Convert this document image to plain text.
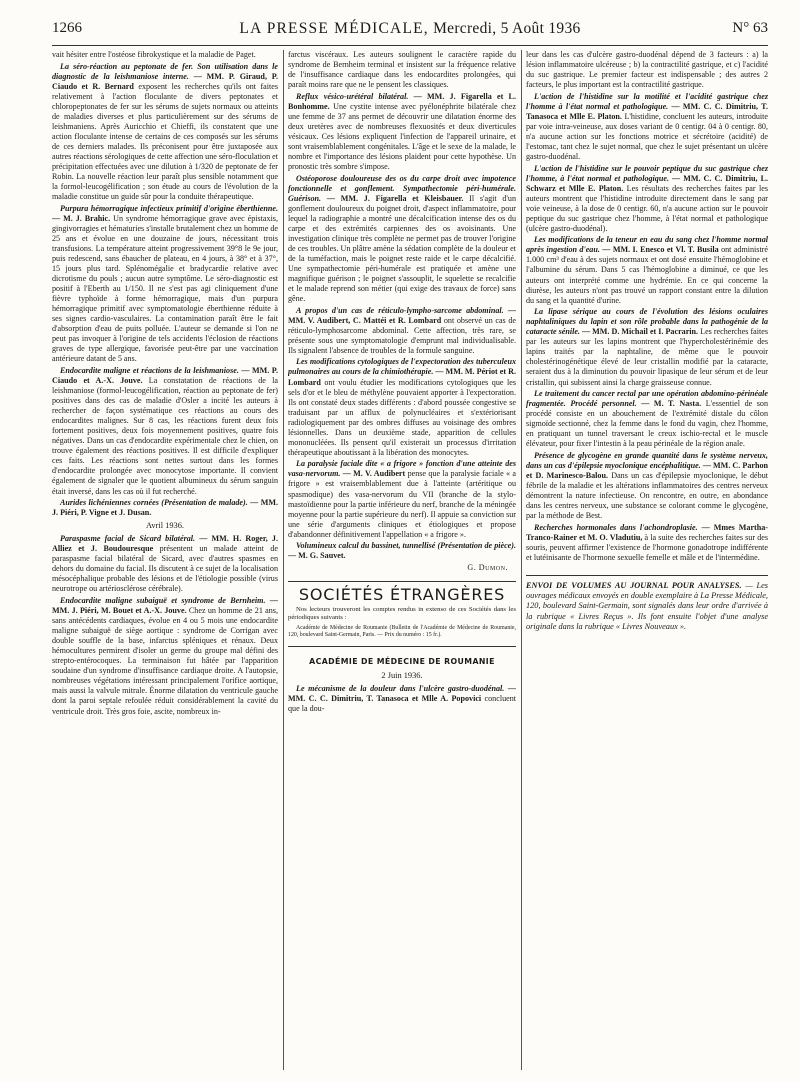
1266	LA PRESSE MÉDICALE, Mercredi, 5 Août 1936	N° 63

vait hésiter entre l'ostéose fibrokystique et la maladie de Paget.

La séro-réaction au peptonate de fer. Son utilisation dans le diagnostic de la leishmaniose interne. — MM. P. Giraud, P. Ciaudo et R. Bernard exposent les recherches qu'ils ont faites relativement à l'action floculante de divers peptonates et chloropeptonates de fer sur les sérums de sujets normaux ou atteints de maladies diverses et plus particulièrement sur des sérums de leishmaniens. Après Auricchio et Chieffi, ils constatent que une action floculante intense de certains de ces composés sur les sérums de ces derniers malades. Ils préconisent pour être juxtaposée aux autres réactions sérologiques de cette affection une séro-floculation et précipitation effectuées avec une dilution à 1/320 de peptonate de fer Robin. La nouvelle réaction leur paraît plus sensible notamment que la formol-leucogélification ; son étude au cours de l'évolution de la maladie constitue un guide sûr pour la conduite thérapeutique.

Purpura hémorragique infectieux primitif d'origine éberthienne. — M. J. Brahic. Un syndrome hémorragique grave avec épistaxis, gingivorragies et hématuries s'installe brutalement chez un homme de 25 ans et évolue en une douzaine de jours, nécessitant trois transfusions. La température atteint progressivement 39°8 le 9e jour, puis redescend, sans ébaucher de plateau, en 4 jours, à 38° et à 37°, 15 jours plus tard. Splénomégalie et bradycardie relative avec dicrotisme du pouls ; aucun autre symptôme. Le séro-diagnostic est positif à l'Eberth au 1/150. Il ne s'est pas agi cliniquement d'une fièvre typhoïde à forme hémorragique, mais d'un purpura hémorragique primitif avec symptomatologie éberthienne réduite à ses signes cardio-vasculaires. La contamination paraît être le fait d'absorption d'eau de puits polluée. L'auteur se demande si l'on ne peut pas invoquer à l'origine de tels accidents l'éclosion de réactions graves de type allergique, favorisée peut-être par une vaccination antérieure datant de 5 ans.

Endocardite maligne et réactions de la leishmaniose. — MM. P. Ciaudo et A.-X. Jouve. La constatation de réactions de la leishmaniose (formol-leucogélification, réaction au peptonate de fer) positives dans des cas de maladie d'Osler a incité les auteurs à rechercher de façon systématique ces réactions au cours des endocardites malignes. Sur 8 cas, les réactions furent deux fois fortement positives, deux fois moyennement positives, quatre fois négatives. Dans un cas d'endocardite expérimentale chez le chien, on trouve également des réactions positives. Il est difficile d'expliquer ces faits. Les réactions sont nettes surtout dans les formes d'endocardite prolongée avec monocytose importante. Il convient également de signaler que le quotient albumineux du sérum sanguin était inversé, dans les cas où il fut recherché.

Aurides lichéniennes cornées (Présentation de malade). — MM. J. Piéri, P. Vigne et J. Dusan.

Avril 1936.

Paraspasme facial de Sicard bilatéral. — MM. H. Roger, J. Alliez et J. Boudouresque présentent un malade atteint de paraspasme facial bilatéral de Sicard, avec d'autres spasmes en dehors du domaine du facial. Ils discutent à ce sujet de la localisation mésocéphalique probable des lésions et de l'étiologie possible (virus neurotrope ou artériosclérose cérébrale).

Endocardite maligne subaiguë et syndrome de Bernheim. — MM. J. Piéri, M. Bouet et A.-X. Jouve. Chez un homme de 21 ans, sans antécédents cardiaques, évolue en 4 ou 5 mois une endocardite maligne subaiguë de siège aortique : syndrome de Corrigan avec double souffle de la base, infarctus spléniques et rénaux. Deux hémocultures permirent d'isoler un germe du groupe mal défini des strepto-entérocoques. La terminaison fut hâtée par l'apparition soudaine d'un syndrome d'insuffisance cardiaque droite. A l'autopsie, nombreuses végétations intéressant principalement l'orifice aortique, mais aussi la valvule mitrale. Énorme dilatation du ventricule gauche dont la paroi septale refoulée réduit considérablement la cavité du ventricule droit. Très gros foie, ascite, nombreux in-

farctus viscéraux. Les auteurs soulignent le caractère rapide du syndrome de Bernheim terminal et insistent sur la fréquence relative de l'insuffisance cardiaque dans les endocardites prolongées, qui paraît moins rare que ne le pensent les classiques.

Reflux vésico-urétéral bilatéral. — MM. J. Figarella et L. Bonhomme. Une cystite intense avec pyélonéphrite bilatérale chez une femme de 37 ans permet de découvrir une dilatation énorme des deux uretères avec de nombreuses flexuosités et deux diverticules vésicaux. Ces lésions expliquent l'infection de l'appareil urinaire, et sont vraisemblablement congénitales. L'âge et le sexe de la malade, le nombre et l'importance des lésions plaident pour cette hypothèse. Un pronostic très sombre s'impose.

Ostéoporose douloureuse des os du carpe droit avec impotence fonctionnelle et gonflement. Sympathectomie péri-humérale. Guérison. — MM. J. Figarella et Kleisbauer. Il s'agit d'un gonflement douloureux du poignet droit, d'aspect inflammatoire, pour lequel la radiographie a montré une décalcification intense des os du carpe et des extrémités carpiennes des os avoisinants. Une investigation clinique très complète ne permet pas de trouver l'origine de ces troubles. Un plâtre amène la sédation complète de la douleur et de la tuméfaction, mais le poignet reste raide et le carpe décalcifié. Une sympathectomie péri-humérale est pratiquée et amène une magnifique guérison ; le poignet s'assouplit, le squelette se recalcifie et le malade reprend son métier (qui exige des travaux de force) sans gêne.

A propos d'un cas de réticulo-lympho-sarcome abdominal. — MM. V. Audibert, C. Mattéi et R. Lombard ont observé un cas de réticulo-lymphosarcome abdominal. Cette affection, très rare, se présente sous une symptomatologie d'emprunt mal individualisable. Ils signalent l'absence de troubles de la formule sanguine.

Les modifications cytologiques de l'expectoration des tuberculeux pulmonaires au cours de la chimiothérapie. — MM. M. Périot et R. Lombard ont voulu étudier les modifications cytologiques que les sels d'or et le bleu de méthylène pouvaient apporter à l'expectoration. Ils ont constaté deux stades différents : d'abord poussée congestive se traduisant par un afflux de polynucléaires et s'extériorisant radiologiquement par des ombres diffuses au voisinage des ombres lésionnelles. Dans un deuxième stade, apparition de cellules mononucléées. Ils pensent qu'il existerait un processus d'irritation thérapeutique aboutissant à la libération des monocytes.

La paralysie faciale dite « a frigore » fonction d'une atteinte des vasa-nervorum. — M. V. Audibert pense que la paralysie faciale « a frigore » est vraisemblablement due à l'atteinte (artéritique ou spasmodique) des vasa-nervorum du VII (branche de la stylo-mastoïdienne pour la partie inférieure du nerf, branche de la méningée moyenne pour la partie supérieure du nerf). Il appuie sa conviction sur une série d'arguments cliniques et étiologiques et propose d'abandonner définitivement l'appellation « a frigore ».

Volumineux calcul du bassinet, tunnellisé (Présentation de pièce). — M. G. Sauvet.

G. Dumon.

SOCIÉTÉS ÉTRANGÈRES

Nos lecteurs trouveront les comptes rendus in extenso de ces Sociétés dans les périodiques suivants :

Académie de Médecine de Roumanie (Bulletin de l'Académie de Médecine de Roumanie, 120, boulevard Saint-Germain, Paris. — Prix du numéro : 15 fr.).

ACADÉMIE DE MÉDECINE DE ROUMANIE

2 Juin 1936.

Le mécanisme de la douleur dans l'ulcère gastro-duodénal. — MM. C. C. Dimitriu, T. Tanasoca et Mlle A. Popovici concluent que la dou-

leur dans les cas d'ulcère gastro-duodénal dépend de 3 facteurs : a) la lésion inflammatoire ulcéreuse ; b) la contractilité gastrique, et c) l'acidité du suc gastrique. Le premier facteur est indispensable ; des autres 2 facteurs, le plus important est la contractilité gastrique.

L'action de l'histidine sur la motilité et l'acidité gastrique chez l'homme à l'état normal et pathologique. — MM. C. C. Dimitriu, T. Tanasoca et Mlle E. Platon. L'histidine, concluent les auteurs, introduite par voie intra-veineuse, aux doses variant de 0 centigr. 04 à 0 centigr. 80, n'a aucune action sur les fonctions motrice et sécrétoire (acidité) de l'estomac, tant chez le sujet normal, que chez le sujet présentant un ulcère gastro-duodénal.

L'action de l'histidine sur le pouvoir peptique du suc gastrique chez l'homme, à l'état normal et pathologique. — MM. C. C. Dimitriu, L. Schwarz et Mlle E. Platon. Les résultats des recherches faites par les auteurs montrent que l'histidine introduite directement dans le sang par voie veineuse, à la dose de 0 centigr. 60, n'a aucune action sur le pouvoir peptique du suc gastrique chez l'homme, à l'état normal et pathologique (ulcère gastro-duodénal).

Les modifications de la teneur en eau du sang chez l'homme normal après ingestion d'eau. — MM. I. Enesco et Vl. T. Busila ont administré 1.000 cm³ d'eau à des sujets normaux et ont dosé ensuite l'hémoglobine et l'albumine du sérum. Dans 5 cas l'hémoglobine a diminué, ce que les auteurs ont interprété comme une hydrémie. En ce qui concerne la diurèse, les auteurs n'ont pas trouvé un rapport constant entre la dilution du sang et la quantité d'urine.

La lipase sérique au cours de l'évolution des lésions oculaires naphtaliniques du lapin et son rôle probable dans la pathogénie de la cataracte sénile. — MM. D. Michail et I. Pacrarin. Les recherches faites par les auteurs sur les lapins montrent que l'hypercholestérinémie des lapins traités par la naphtaline, de même que le pouvoir cholestérinogénétique élevé de leur cristallin modifié par la cataracte, seraient dus à la diminution du pouvoir lipasique de leur sérum et de leur cristallin, qui subissent ainsi la charge graisseuse connue.

Le traitement du cancer rectal par une opération abdomino-périnéale fragmentée. Procédé personnel. — M. T. Nasta. L'essentiel de son procédé consiste en un abouchement de l'extrémité distale du côlon sigmoïde sectionné, chez la femme dans le fond du vagin, chez l'homme, en pratiquant un tunnel traversant le creux ischio-rectal et le muscle élévateur, pour fixer l'intestin à la peau périnéale de la région anale.

Présence de glycogène en grande quantité dans le système nerveux, dans un cas d'épilepsie myoclonique encéphalitique. — MM. C. Parhon et D. Marinesco-Balou. Dans un cas d'épilepsie myoclonique, le début fébrile de la maladie et les altérations inflammatoires des centres nerveux démontrent la nature infectieuse. On rencontre, en outre, en abondance dans les centres nerveux, une substance se colorant comme le glycogène, par la méthode de Best.

Recherches hormonales dans l'achondroplasie. — Mmes Martha-Tranco-Rainer et M. O. Vladutiu, à la suite des recherches faites sur des souris, peuvent affirmer l'existence de l'hormone gonadotrope indifférente et lutéinisante de l'hormone sexuelle femelle et mâle et de l'intermédine.

ENVOI DE VOLUMES AU JOURNAL POUR ANALYSES. — Les ouvrages médicaux envoyés en double exemplaire à La Presse Médicale, 120, boulevard Saint-Germain, sont signalés dans leur ordre d'arrivée à la rubrique « Livres Reçus ». Ils font ensuite l'objet d'une analyse originale dans la rubrique « Livres Nouveaux ».
